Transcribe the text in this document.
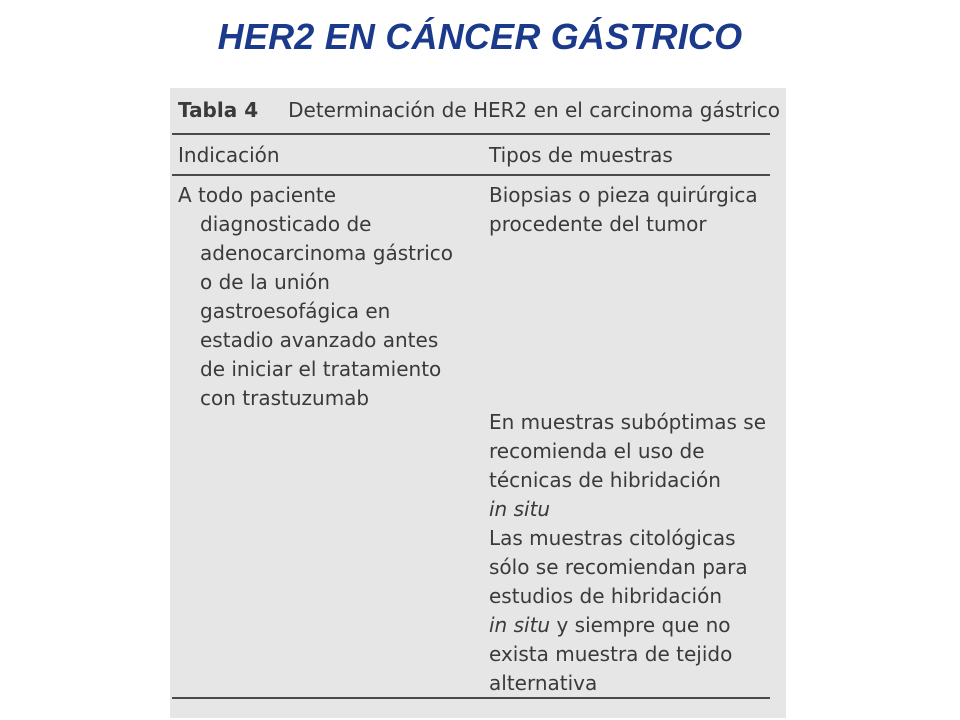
HER2 EN CÁNCER GÁSTRICO
Tabla 4 Determinación de HER2 en el carcinoma gástrico
Indicación	Tipos de muestras
A todo paciente
diagnosticado de
adenocarcinoma gástrico
o de la unión
gastroesofágica en
estadio avanzado antes
de iniciar el tratamiento
con trastuzumab
Biopsias o pieza quirúrgica
procedente del tumor
En muestras subóptimas se
recomienda el uso de
técnicas de hibridación
in situ
Las muestras citológicas
sólo se recomiendan para
estudios de hibridación
in situ y siempre que no
exista muestra de tejido
alternativa
